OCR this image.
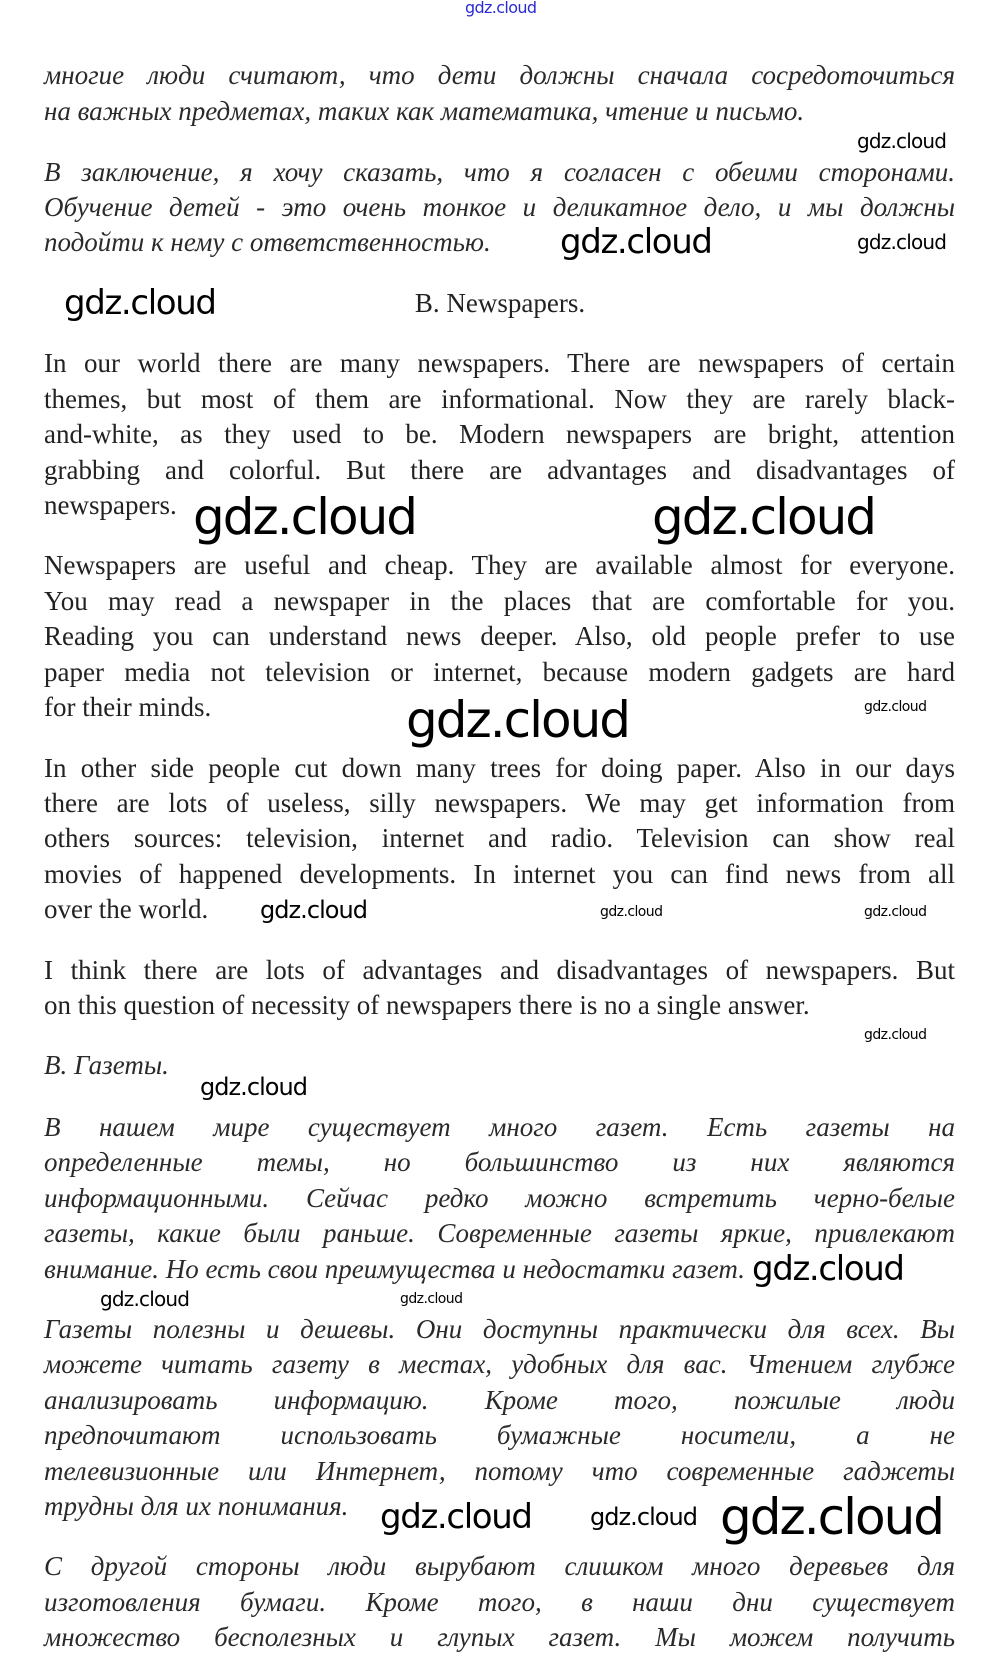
многие люди считают, что дети должны сначала сосредоточиться
на важных предметах, таких как математика, чтение и письмо.
В заключение, я хочу сказать, что я согласен с обеими сторонами.
Обучение детей - это очень тонкое и деликатное дело, и мы должны
подойти к нему с ответственностью.
B. Newspapers.
In our world there are many newspapers. There are newspapers of certain
themes, but most of them are informational. Now they are rarely black-
and-white, as they used to be. Modern newspapers are bright, attention
grabbing and colorful. But there are advantages and disadvantages of
newspapers.
Newspapers are useful and cheap. They are available almost for everyone.
You may read a newspaper in the places that are comfortable for you.
Reading you can understand news deeper. Also, old people prefer to use
paper media not television or internet, because modern gadgets are hard
for their minds.
In other side people cut down many trees for doing paper. Also in our days
there are lots of useless, silly newspapers. We may get information from
others sources: television, internet and radio. Television can show real
movies of happened developments. In internet you can find news from all
over the world.
I think there are lots of advantages and disadvantages of newspapers. But
on this question of necessity of newspapers there is no a single answer.
B. Газеты.
В нашем мире существует много газет. Есть газеты на
определенные темы, но большинство из них являются
информационными. Сейчас редко можно встретить черно-белые
газеты, какие были раньше. Современные газеты яркие, привлекают
внимание. Но есть свои преимущества и недостатки газет.
Газеты полезны и дешевы. Они доступны практически для всех. Вы
можете читать газету в местах, удобных для вас. Чтением глубже
анализировать информацию. Кроме того, пожилые люди
предпочитают использовать бумажные носители, а не
телевизионные или Интернет, потому что современные гаджеты
трудны для их понимания.
С другой стороны люди вырубают слишком много деревьев для
изготовления бумаги. Кроме того, в наши дни существует
множество бесполезных и глупых газет. Мы можем получить
gdz.cloud
gdz.cloud
gdz.cloud
gdz.cloud	gdz.cloud
gdz.cloud	gdz.cloud
gdz.cloud	gdz.cloud
gdz.cloud	gdz.cloud	gdz.cloud
gdz.cloud
gdz.cloud
gdz.cloud
gdz.cloud	gdz.cloud
gdz.cloud
gdz.cloud gdz.cloud
